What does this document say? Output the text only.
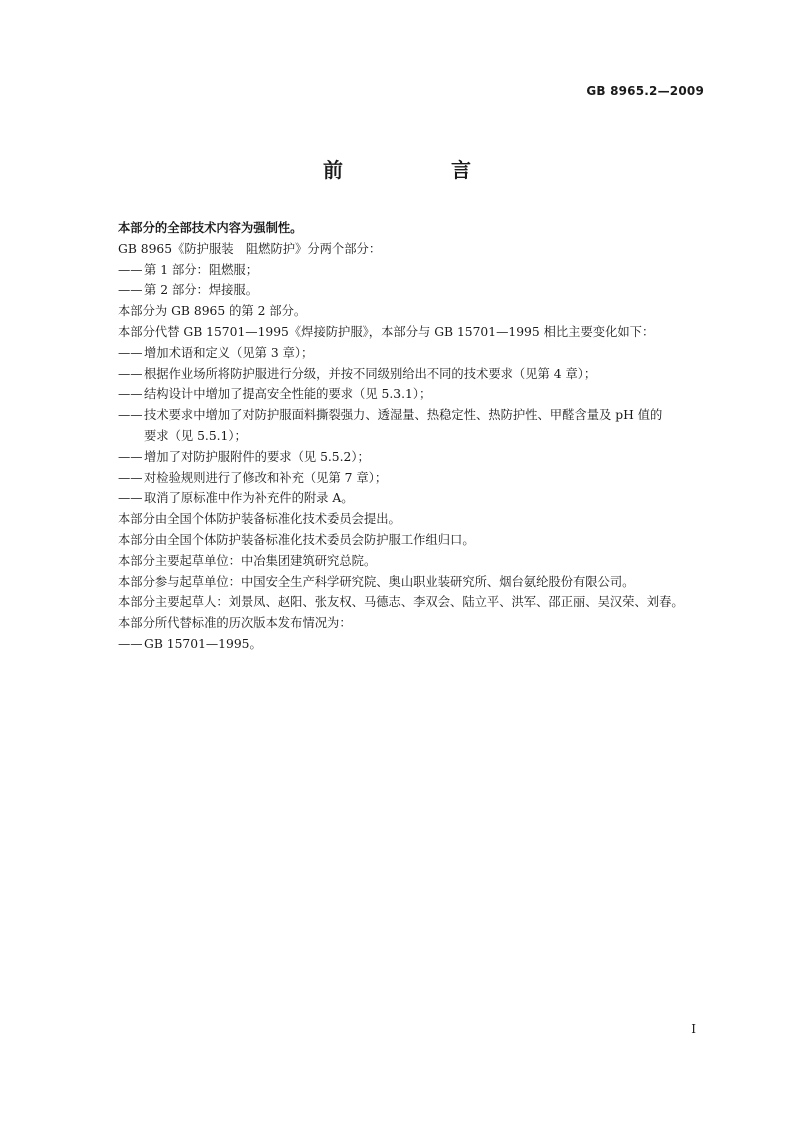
GB 8965.2—2009
前　言

本部分的全部技术内容为强制性。

GB 8965《防护服装　阻燃防护》分两个部分：

—— 第 1 部分：阻燃服；
—— 第 2 部分：焊接服。

本部分为 GB 8965 的第 2 部分。

本部分代替 GB 15701—1995《焊接防护服》，本部分与 GB 15701—1995 相比主要变化如下：

—— 增加术语和定义（见第 3 章）；
—— 根据作业场所将防护服进行分级，并按不同级别给出不同的技术要求（见第 4 章）；
—— 结构设计中增加了提高安全性能的要求（见 5.3.1）；
—— 技术要求中增加了对防护服面料撕裂强力、透湿量、热稳定性、热防护性、甲醛含量及 pH 值的

要求（见 5.5.1）；

—— 增加了对防护服附件的要求（见 5.5.2）；
—— 对检验规则进行了修改和补充（见第 7 章）；
—— 取消了原标准中作为补充件的附录 A。

本部分由全国个体防护装备标准化技术委员会提出。

本部分由全国个体防护装备标准化技术委员会防护服工作组归口。

本部分主要起草单位：中冶集团建筑研究总院。

本部分参与起草单位：中国安全生产科学研究院、奥山职业装研究所、烟台氨纶股份有限公司。

本部分主要起草人：刘景凤、赵阳、张友权、马德志、李双会、陆立平、洪军、邵正丽、吴汉荣、刘春。

本部分所代替标准的历次版本发布情况为：

—— GB 15701—1995。
I
